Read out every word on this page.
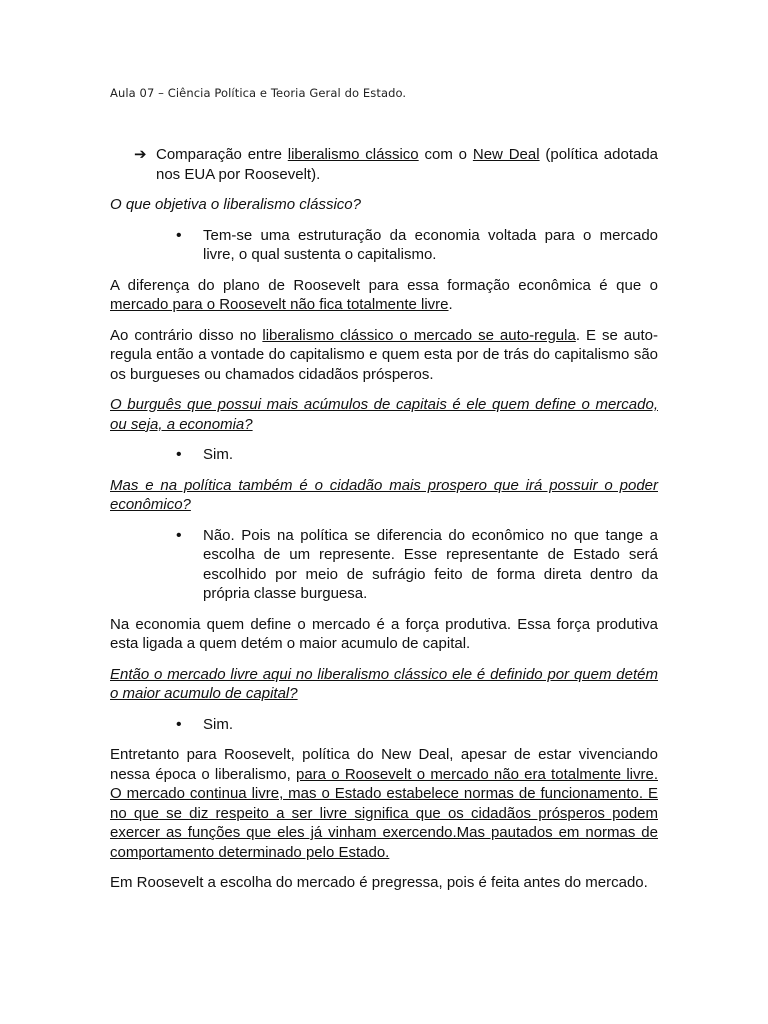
Aula 07 – Ciência Política e Teoria Geral do Estado.
➔ Comparação entre liberalismo clássico com o New Deal (política adotada nos EUA por Roosevelt).

O que objetiva o liberalismo clássico?

•	Tem-se uma estruturação da economia voltada para o mercado livre, o qual sustenta o capitalismo.

A diferença do plano de Roosevelt para essa formação econômica é que o mercado para o Roosevelt não fica totalmente livre.

Ao contrário disso no liberalismo clássico o mercado se auto-regula. E se auto-regula então a vontade do capitalismo e quem esta por de trás do capitalismo são os burgueses ou chamados cidadãos prósperos.

O burguês que possui mais acúmulos de capitais é ele quem define o mercado, ou seja, a economia?

•	Sim.

Mas e na política também é o cidadão mais prospero que irá possuir o poder econômico?

•	Não. Pois na política se diferencia do econômico no que tange a escolha de um represente. Esse representante de Estado será escolhido por meio de sufrágio feito de forma direta dentro da própria classe burguesa.

Na economia quem define o mercado é a força produtiva. Essa força produtiva esta ligada a quem detém o maior acumulo de capital.

Então o mercado livre aqui no liberalismo clássico ele é definido por quem detém o maior acumulo de capital?

•	Sim.

Entretanto para Roosevelt, política do New Deal, apesar de estar vivenciando nessa época o liberalismo, para o Roosevelt o mercado não era totalmente livre. O mercado continua livre, mas o Estado estabelece normas de funcionamento. E no que se diz respeito a ser livre significa que os cidadãos prósperos podem exercer as funções que eles já vinham exercendo.Mas pautados em normas de comportamento determinado pelo Estado.

Em Roosevelt a escolha do mercado é pregressa, pois é feita antes do mercado.
